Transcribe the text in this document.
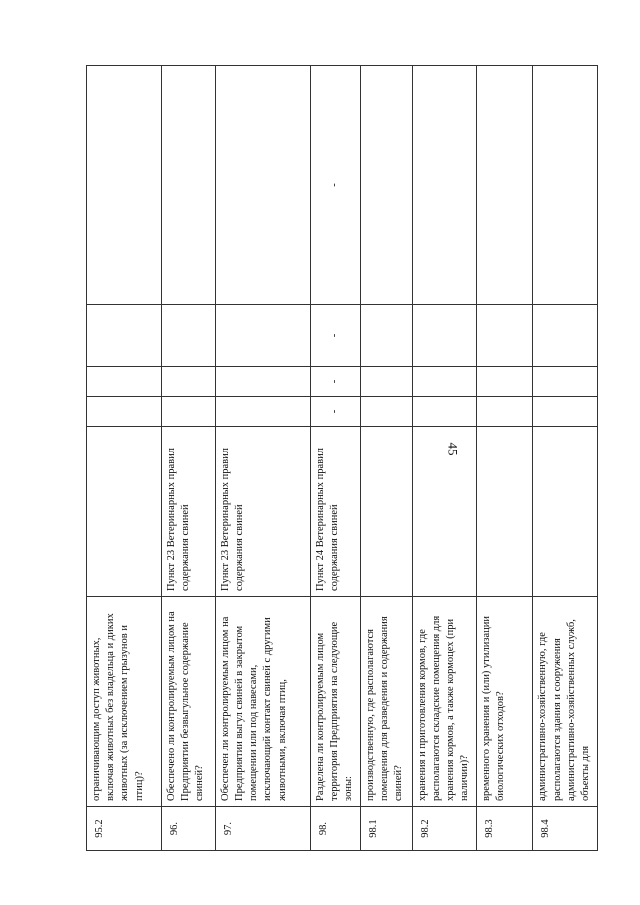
45
95.2	ограничивающим доступ животных, включая животных без владельца и диких животных (за исключением грызунов и птиц)?					
96.	Обеспечено ли контролируемым лицом на Предприятии безвыгульное содержание свиней?	Пункт 23 Ветеринарных правил содержания свиней				
97.	Обеспечен ли контролируемым лицом на Предприятии выгул свиней в закрытом помещении или под навесами, исключающий контакт свиней с другими животными, включая птиц,	Пункт 23 Ветеринарных правил содержания свиней				
98.	Разделена ли контролируемым лицом территория Предприятия на следующие зоны:	Пункт 24 Ветеринарных правил содержания свиней	-	-	-	-
98.1	производственную, где располагаются помещения для разведения и содержания свиней?					
98.2	хранения и приготовления кормов, где располагаются складские помещения для хранения кормов, а также кормоцех (при наличии)?					
98.3	временного хранения и (или) утилизации биологических отходов?					
98.4	административно-хозяйственную, где располагаются здания и сооружения административно-хозяйственных служб, объекты для					
